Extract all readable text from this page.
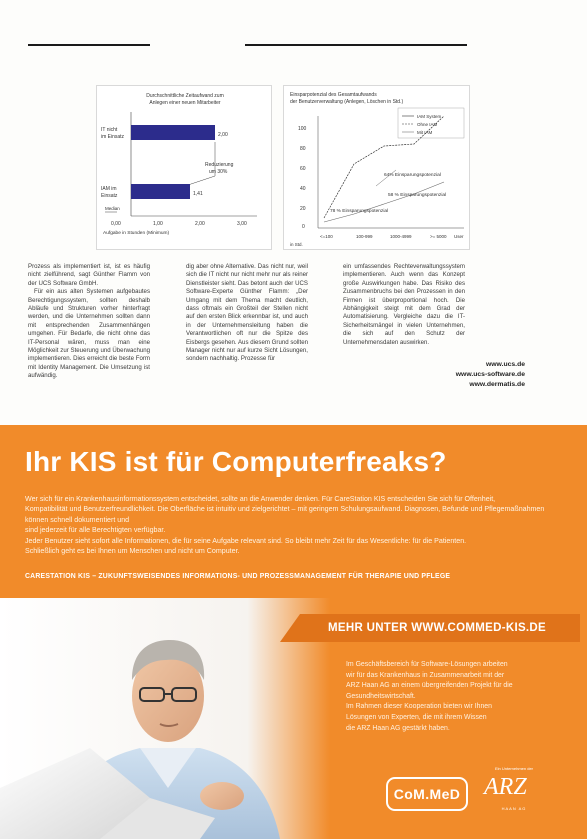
Durchschnittliche Zeitaufwand zum
Anlegen einer neuen Mitarbeiter
IT nicht
im Einsatz	2,00
Reduzierung
um 30%
IAM im
Einsatz	1,41
Median
0,00	1,00	2,00	3,00
Aufgabe in Stunden (Minimum)
Einsparpotenzial des Gesamtaufwands
der Benutzerverwaltung (Anlegen, Löschen in Std.)
IAM System
Ohne IAM
Mit IAM
100
80
60
40
20
0
64% Einsparungspotenzial
58 % Einsparungspotenzial
78 % Einsparungspotenzial
<=100	100-999	1000-4999	>= 5000 User
in Std.

Prozess als implementiert ist, ist es häufig nicht zielführend, sagt Günther Flamm von der UCS Software GmbH.

Für ein aus alten Systemen aufgebautes Berechtigungssystem, sollten deshalb Abläufe und Strukturen vorher hinterfragt werden, und die Unternehmen sollten dann mit entsprechenden Zusammenhängen umgehen. Für Bedarfe, die nicht ohne das IT-Personal wären, muss man eine Möglichkeit zur Steuerung und Überwachung implementieren. Dies erreicht die beste Form mit Identity Management. Die Umsetzung ist aufwändig.

dig aber ohne Alternative. Das nicht nur, weil sich die IT nicht nur nicht mehr nur als reiner Dienstleister sieht. Das betont auch der UCS Software-Experte Günther Flamm: „Der Umgang mit dem Thema macht deutlich, dass oftmals ein Großteil der Stellen nicht auf den ersten Blick erkennbar ist, und auch in der Unternehmensleitung haben die Verantwortlichen oft nur die Spitze des Eisbergs gesehen. Aus diesem Grund sollten Manager nicht nur auf kurze Sicht Lösungen, sondern nachhaltig. Prozesse für

ein umfassendes Rechteverwaltungssystem implementieren. Auch wenn das Konzept große Auswirkungen habe. Das Risiko des Zusammenbruchs bei den Prozessen in den Firmen ist überproportional hoch. Die Abhängigkeit steigt mit dem Grad der Automatisierung. Vergleiche dazu die IT-Sicherheitsmängel in vielen Unternehmen, die sich auf den Schutz der Unternehmensdaten auswirken.

www.ucs.de
www.ucs-software.de
www.dermatis.de
Ihr KIS ist für Computerfreaks?
Wer sich für ein Krankenhausinformationssystem entscheidet, sollte an die Anwender denken. Für CareStation KIS entscheiden Sie sich für Offenheit,
Kompatibilität und Benutzerfreundlichkeit. Die Oberfläche ist intuitiv und zielgerichtet – mit geringem Schulungsaufwand. Diagnosen, Befunde und Pflegemaßnahmen können schnell dokumentiert und
sind jederzeit für alle Berechtigten verfügbar.
Jeder Benutzer sieht sofort alle Informationen, die für seine Aufgabe relevant sind. So bleibt mehr Zeit für das Wesentliche: für die Patienten.
Schließlich geht es bei Ihnen um Menschen und nicht um Computer.
CARESTATION KIS – ZUKUNFTSWEISENDES INFORMATIONS- UND PROZESSMANAGEMENT FÜR THERAPIE UND PFLEGE
MEHR UNTER WWW.COMMED-KIS.DE
Im Geschäftsbereich für Software-Lösungen arbeiten
wir für das Krankenhaus in Zusammenarbeit mit der
ARZ Haan AG an einem übergreifenden Projekt für die Gesundheitswirtschaft.
Im Rahmen dieser Kooperation bieten wir Ihnen
Lösungen von Experten, die mit ihrem Wissen
die ARZ Haan AG gestärkt haben.
CoM.MeD
Ein Unternehmen der
ARZ
HAAN AG
